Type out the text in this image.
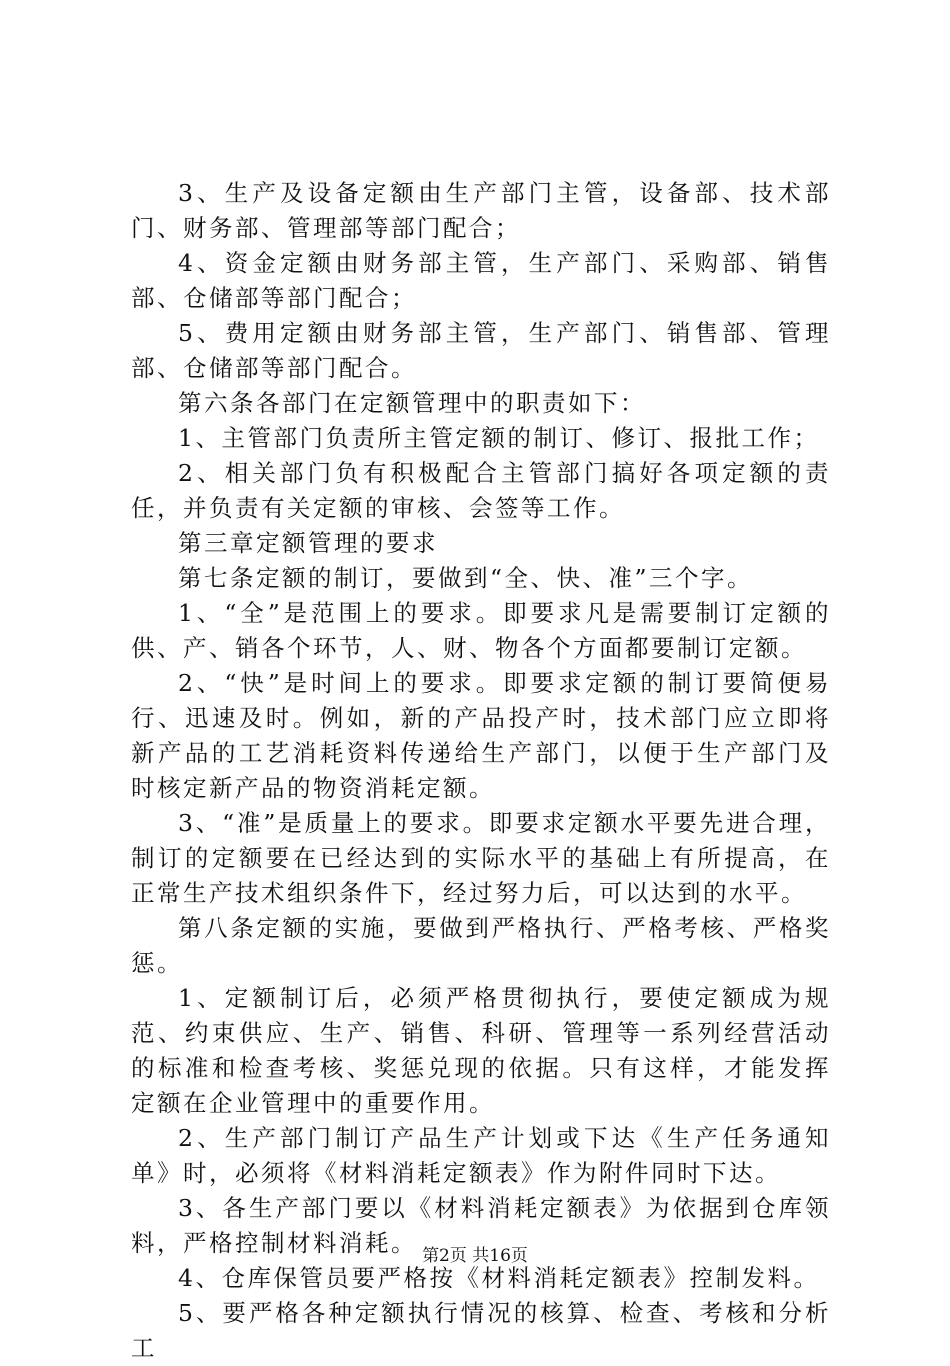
3、生产及设备定额由生产部门主管，设备部、技术部门、财务部、管理部等部门配合；

4、资金定额由财务部主管，生产部门、采购部、销售部、仓储部等部门配合；

5、费用定额由财务部主管，生产部门、销售部、管理部、仓储部等部门配合。

第六条各部门在定额管理中的职责如下：

1、主管部门负责所主管定额的制订、修订、报批工作；

2、相关部门负有积极配合主管部门搞好各项定额的责任，并负责有关定额的审核、会签等工作。

第三章定额管理的要求

第七条定额的制订，要做到“全、快、准”三个字。

1、“全”是范围上的要求。即要求凡是需要制订定额的供、产、销各个环节，人、财、物各个方面都要制订定额。

2、“快”是时间上的要求。即要求定额的制订要简便易行、迅速及时。例如，新的产品投产时，技术部门应立即将新产品的工艺消耗资料传递给生产部门，以便于生产部门及时核定新产品的物资消耗定额。

3、“准”是质量上的要求。即要求定额水平要先进合理，制订的定额要在已经达到的实际水平的基础上有所提高，在正常生产技术组织条件下，经过努力后，可以达到的水平。

第八条定额的实施，要做到严格执行、严格考核、严格奖惩。

1、定额制订后，必须严格贯彻执行，要使定额成为规范、约束供应、生产、销售、科研、管理等一系列经营活动的标准和检查考核、奖惩兑现的依据。只有这样，才能发挥定额在企业管理中的重要作用。

2、生产部门制订产品生产计划或下达《生产任务通知单》时，必须将《材料消耗定额表》作为附件同时下达。

3、各生产部门要以《材料消耗定额表》为依据到仓库领料，严格控制材料消耗。

4、仓库保管员要严格按《材料消耗定额表》控制发料。

5、要严格各种定额执行情况的核算、检查、考核和分析工

第2页 共16页
